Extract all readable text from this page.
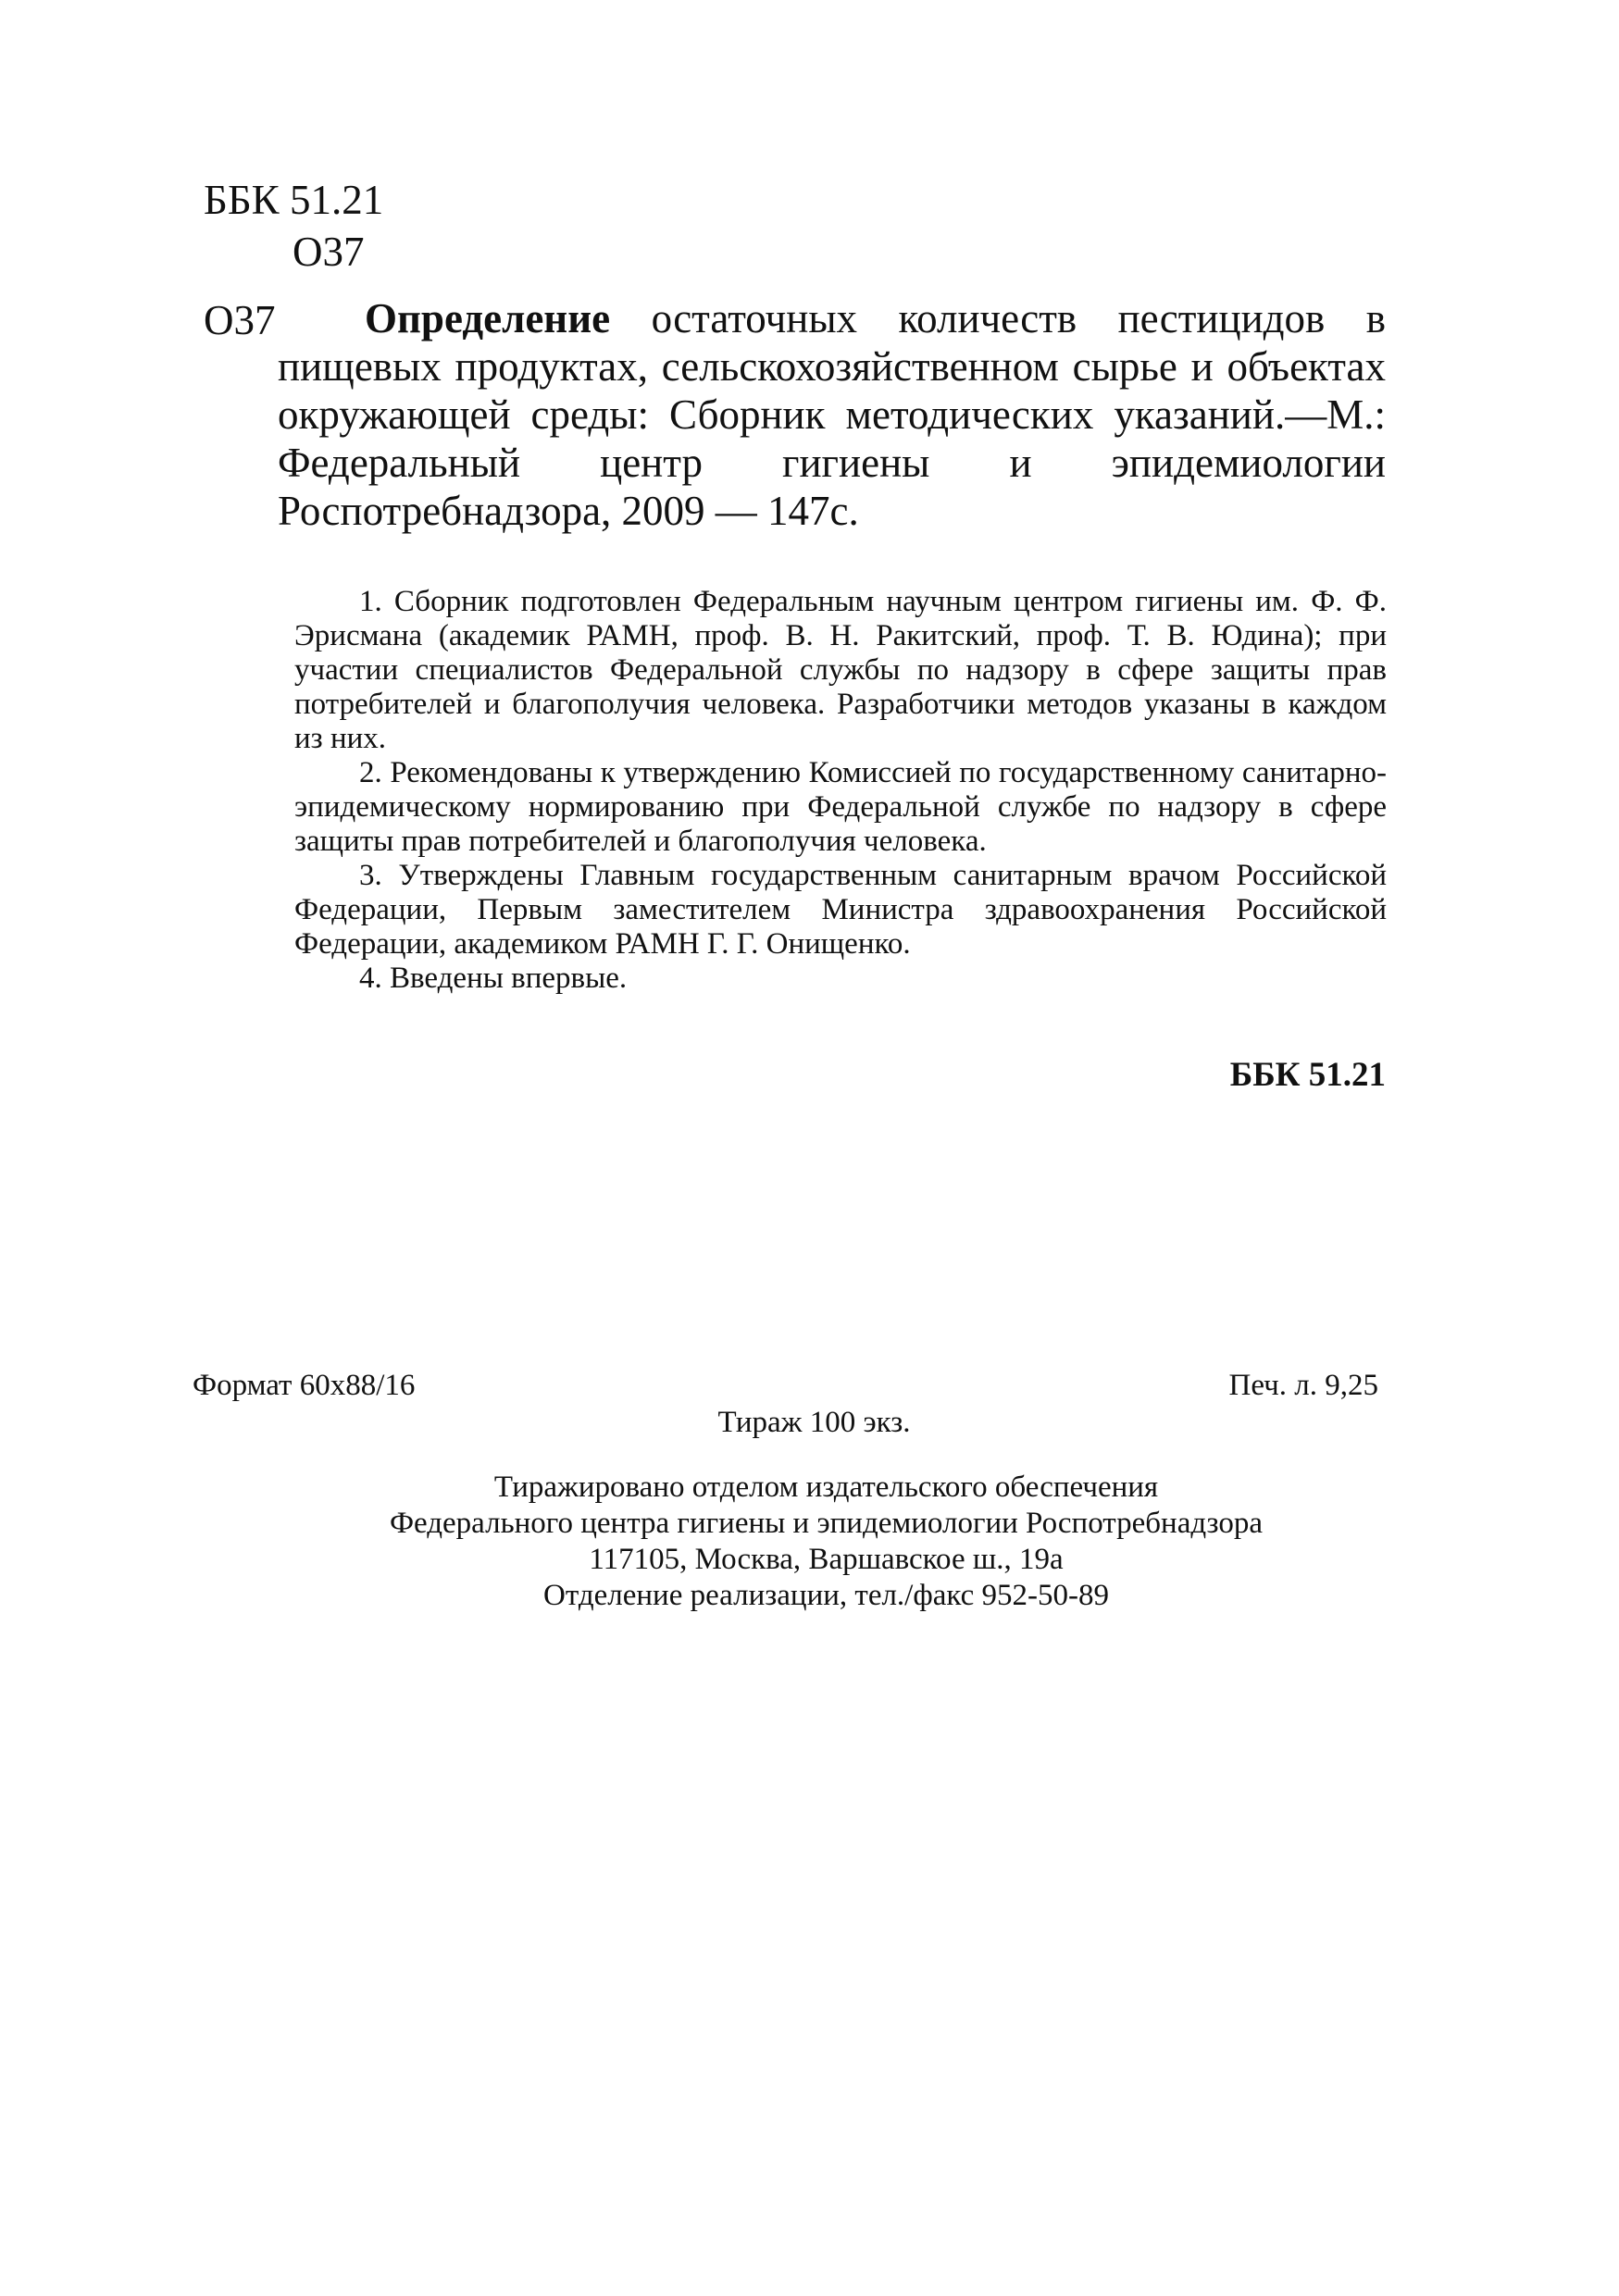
ББК 51.21
О37
О37	Определение остаточных количеств пестицидов в пищевых продуктах, сельскохозяйственном сырье и объектах окружающей среды: Сборник методических указаний.—М.: Федеральный центр гигиены и эпидемиологии Роспотребнадзора, 2009 — 147с.

1. Сборник подготовлен Федеральным научным центром гигиены им. Ф. Ф. Эрисмана (академик РАМН, проф. В. Н. Ракитский, проф. Т. В. Юдина); при участии специалистов Федеральной службы по надзору в сфере защиты прав потребителей и благополучия человека. Разработчики методов указаны в каждом из них.

2. Рекомендованы к утверждению Комиссией по государственному санитарно-эпидемическому нормированию при Федеральной службе по надзору в сфере защиты прав потребителей и благополучия человека.

3. Утверждены Главным государственным санитарным врачом Российской Федерации, Первым заместителем Министра здравоохранения Российской Федерации, академиком РАМН Г. Г. Онищенко.

4. Введены впервые.

ББК 51.21
Формат 60x88/16	Печ. л. 9,25
Тираж 100 экз.
Тиражировано отделом издательского обеспечения
Федерального центра гигиены и эпидемиологии Роспотребнадзора
117105, Москва, Варшавское ш., 19а
Отделение реализации, тел./факс 952-50-89
